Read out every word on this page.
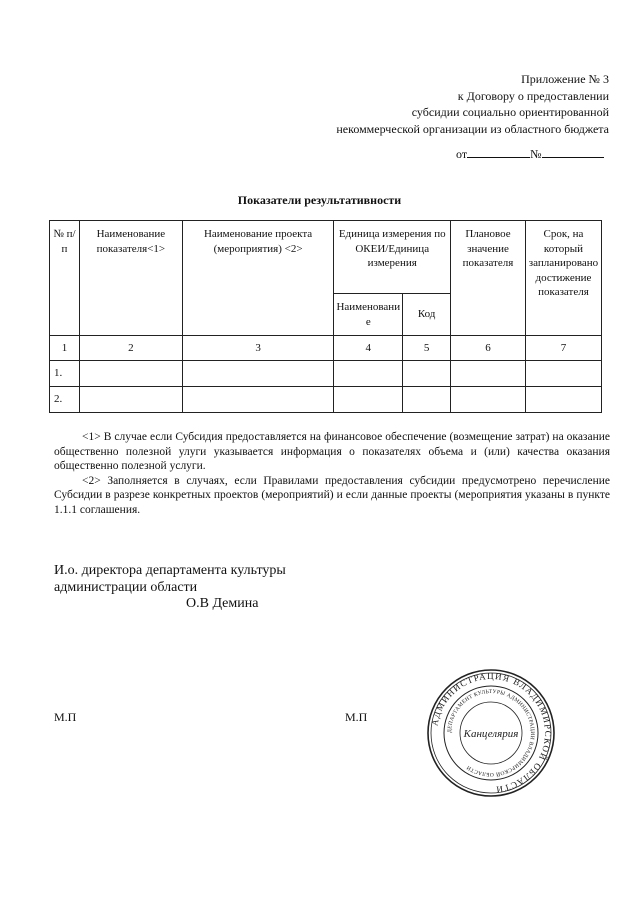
Приложение № 3
к Договору о предоставлении
субсидии социально ориентированной
некоммерческой организации из областного бюджета
от	№
Показатели результативности
№ п/п	Наименование показателя<1>	Наименование проекта (мероприятия) <2>	Единица измерения по ОКЕИ/Единица измерения		Плановое значение показателя	Срок, на который запланировано достижение показателя
			Наименование	Код		
1	2	3	4	5	6	7
1.						
2.						

<1> В случае если Субсидия предоставляется на финансовое обеспечение (возмещение затрат) на оказание общественно полезной улуги указывается информация о показателях объема и (или) качества оказания общественно полезной услуги.

<2> Заполняется в случаях, если Правилами предоставления субсидии предусмотрено перечисление Субсидии в разрезе конкретных проектов (мероприятий) и если данные проекты (мероприятия указаны в пункте 1.1.1 соглашения.

И.о. директора департамента культуры
администрации области
О.В Демина
М.П	М.П	АДМИНИСТРАЦИЯ ВЛАДИМИРСКОЙ ОБЛАСТИ
ДЕПАРТАМЕНТ КУЛЬТУРЫ АДМИНИСТРАЦИИ ВЛАДИМИРСКОЙ ОБЛАСТИ
Канцелярия
